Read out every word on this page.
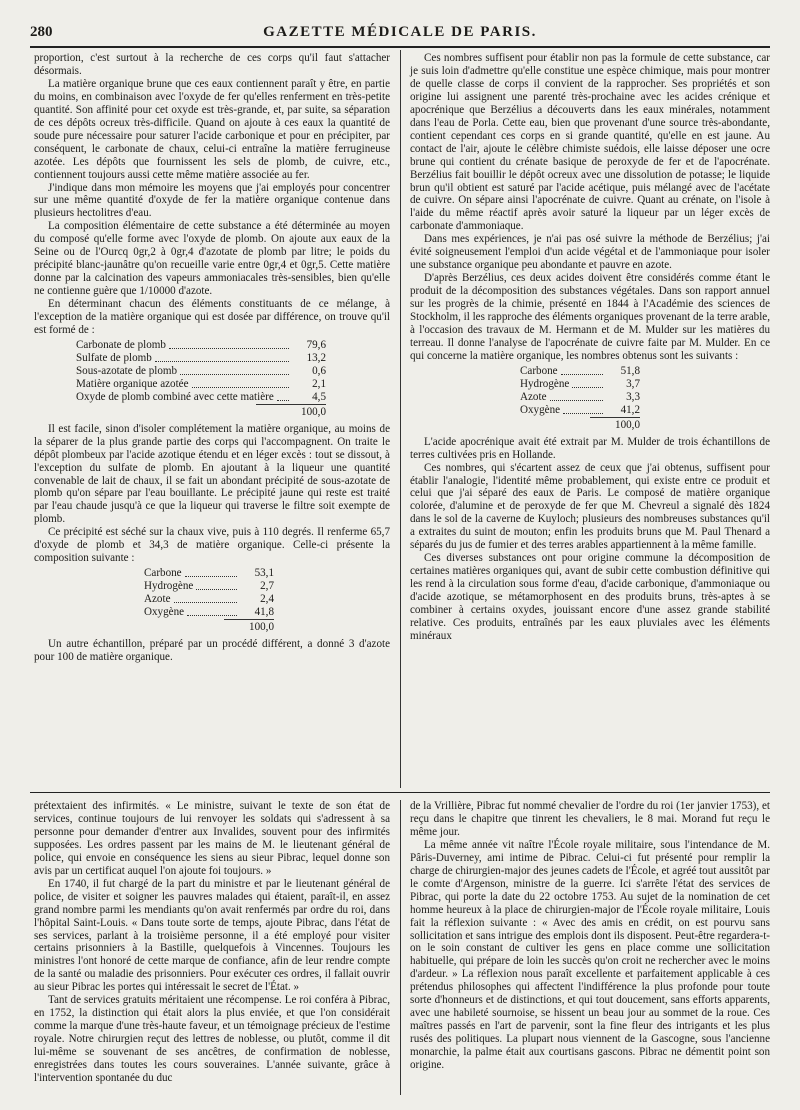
280	GAZETTE MÉDICALE DE PARIS.

proportion, c'est surtout à la recherche de ces corps qu'il faut s'attacher désormais.

La matière organique brune que ces eaux contiennent paraît y être, en partie du moins, en combinaison avec l'oxyde de fer qu'elles renferment en très-petite quantité. Son affinité pour cet oxyde est très-grande, et, par suite, sa séparation de ces dépôts ocreux très-difficile. Quand on ajoute à ces eaux la quantité de soude pure nécessaire pour saturer l'acide carbonique et pour en précipiter, par conséquent, le carbonate de chaux, celui-ci entraîne la matière ferrugineuse azotée. Les dépôts que fournissent les sels de plomb, de cuivre, etc., contiennent toujours aussi cette même matière associée au fer.

J'indique dans mon mémoire les moyens que j'ai employés pour concentrer sur une même quantité d'oxyde de fer la matière organique contenue dans plusieurs hectolitres d'eau.

La composition élémentaire de cette substance a été déterminée au moyen du composé qu'elle forme avec l'oxyde de plomb. On ajoute aux eaux de la Seine ou de l'Ourcq 0gr,2 à 0gr,4 d'azotate de plomb par litre; le poids du précipité blanc-jaunâtre qu'on recueille varie entre 0gr,4 et 0gr,5. Cette matière donne par la calcination des vapeurs ammoniacales très-sensibles, bien qu'elle ne contienne guère que 1/10000 d'azote.

En déterminant chacun des éléments constituants de ce mélange, à l'exception de la matière organique qui est dosée par différence, on trouve qu'il est formé de :

Carbonate de plomb	79,6
Sulfate de plomb	13,2
Sous-azotate de plomb	0,6
Matière organique azotée	2,1
Oxyde de plomb combiné avec cette matière	4,5
100,0

Il est facile, sinon d'isoler complétement la matière organique, au moins de la séparer de la plus grande partie des corps qui l'accompagnent. On traite le dépôt plombeux par l'acide azotique étendu et en léger excès : tout se dissout, à l'exception du sulfate de plomb. En ajoutant à la liqueur une quantité convenable de lait de chaux, il se fait un abondant précipité de sous-azotate de plomb qu'on sépare par l'eau bouillante. Le précipité jaune qui reste est traité par l'eau chaude jusqu'à ce que la liqueur qui traverse le filtre soit exempte de plomb.

Ce précipité est séché sur la chaux vive, puis à 110 degrés. Il renferme 65,7 d'oxyde de plomb et 34,3 de matière organique. Celle-ci présente la composition suivante :

Carbone	53,1
Hydrogène	2,7
Azote	2,4
Oxygène	41,8
100,0

Un autre échantillon, préparé par un procédé différent, a donné 3 d'azote pour 100 de matière organique.

Ces nombres suffisent pour établir non pas la formule de cette substance, car je suis loin d'admettre qu'elle constitue une espèce chimique, mais pour montrer de quelle classe de corps il convient de la rapprocher. Ses propriétés et son origine lui assignent une parenté très-prochaine avec les acides crénique et apocrénique que Berzélius a découverts dans les eaux minérales, notamment dans l'eau de Porla. Cette eau, bien que provenant d'une source très-abondante, contient cependant ces corps en si grande quantité, qu'elle en est jaune. Au contact de l'air, ajoute le célèbre chimiste suédois, elle laisse déposer une ocre brune qui contient du crénate basique de peroxyde de fer et de l'apocrénate. Berzélius fait bouillir le dépôt ocreux avec une dissolution de potasse; le liquide brun qu'il obtient est saturé par l'acide acétique, puis mélangé avec de l'acétate de cuivre. On sépare ainsi l'apocrénate de cuivre. Quant au crénate, on l'isole à l'aide du même réactif après avoir saturé la liqueur par un léger excès de carbonate d'ammoniaque.

Dans mes expériences, je n'ai pas osé suivre la méthode de Berzélius; j'ai évité soigneusement l'emploi d'un acide végétal et de l'ammoniaque pour isoler une substance organique peu abondante et pauvre en azote.

D'après Berzélius, ces deux acides doivent être considérés comme étant le produit de la décomposition des substances végétales. Dans son rapport annuel sur les progrès de la chimie, présenté en 1844 à l'Académie des sciences de Stockholm, il les rapproche des éléments organiques provenant de la terre arable, à l'occasion des travaux de M. Hermann et de M. Mulder sur les matières du terreau. Il donne l'analyse de l'apocrénate de cuivre faite par M. Mulder. En ce qui concerne la matière organique, les nombres obtenus sont les suivants :

Carbone	51,8
Hydrogène	3,7
Azote	3,3
Oxygène	41,2
100,0

L'acide apocrénique avait été extrait par M. Mulder de trois échantillons de terres cultivées pris en Hollande.

Ces nombres, qui s'écartent assez de ceux que j'ai obtenus, suffisent pour établir l'analogie, l'identité même probablement, qui existe entre ce produit et celui que j'ai séparé des eaux de Paris. Le composé de matière organique colorée, d'alumine et de peroxyde de fer que M. Chevreul a signalé dès 1824 dans le sol de la caverne de Kuyloch; plusieurs des nombreuses substances qu'il a extraites du suint de mouton; enfin les produits bruns que M. Paul Thenard a séparés du jus de fumier et des terres arables appartiennent à la même famille.

Ces diverses substances ont pour origine commune la décomposition de certaines matières organiques qui, avant de subir cette combustion définitive qui les rend à la circulation sous forme d'eau, d'acide carbonique, d'ammoniaque ou d'acide azotique, se métamorphosent en des produits bruns, très-aptes à se combiner à certains oxydes, jouissant encore d'une assez grande stabilité relative. Ces produits, entraînés par les eaux pluviales avec les éléments minéraux

prétextaient des infirmités. « Le ministre, suivant le texte de son état de services, continue toujours de lui renvoyer les soldats qui s'adressent à sa personne pour demander d'entrer aux Invalides, souvent pour des infirmités supposées. Les ordres passent par les mains de M. le lieutenant général de police, qui envoie en conséquence les siens au sieur Pibrac, lequel donne son avis par un certificat auquel l'on ajoute foi toujours. »

En 1740, il fut chargé de la part du ministre et par le lieutenant général de police, de visiter et soigner les pauvres malades qui étaient, paraît-il, en assez grand nombre parmi les mendiants qu'on avait renfermés par ordre du roi, dans l'hôpital Saint-Louis. « Dans toute sorte de temps, ajoute Pibrac, dans l'état de ses services, parlant à la troisième personne, il a été employé pour visiter certains prisonniers à la Bastille, quelquefois à Vincennes. Toujours les ministres l'ont honoré de cette marque de confiance, afin de leur rendre compte de la santé ou maladie des prisonniers. Pour exécuter ces ordres, il fallait ouvrir au sieur Pibrac les portes qui intéressait le secret de l'État. »

Tant de services gratuits méritaient une récompense. Le roi conféra à Pibrac, en 1752, la distinction qui était alors la plus enviée, et que l'on considérait comme la marque d'une très-haute faveur, et un témoignage précieux de l'estime royale. Notre chirurgien reçut des lettres de noblesse, ou plutôt, comme il dit lui-même se souvenant de ses ancêtres, de confirmation de noblesse, enregistrées dans toutes les cours souveraines. L'année suivante, grâce à l'intervention spontanée du duc

de la Vrillière, Pibrac fut nommé chevalier de l'ordre du roi (1er janvier 1753), et reçu dans le chapitre que tinrent les chevaliers, le 8 mai. Morand fut reçu le même jour.

La même année vit naître l'École royale militaire, sous l'intendance de M. Pâris-Duverney, ami intime de Pibrac. Celui-ci fut présenté pour remplir la charge de chirurgien-major des jeunes cadets de l'École, et agréé tout aussitôt par le comte d'Argenson, ministre de la guerre. Ici s'arrête l'état des services de Pibrac, qui porte la date du 22 octobre 1753. Au sujet de la nomination de cet homme heureux à la place de chirurgien-major de l'École royale militaire, Louis fait la réflexion suivante : « Avec des amis en crédit, on est pourvu sans sollicitation et sans intrigue des emplois dont ils disposent. Peut-être regardera-t-on le soin constant de cultiver les gens en place comme une sollicitation habituelle, qui prépare de loin les succès qu'on croit ne rechercher avec le moins d'ardeur. » La réflexion nous paraît excellente et parfaitement applicable à ces prétendus philosophes qui affectent l'indifférence la plus profonde pour toute sorte d'honneurs et de distinctions, et qui tout doucement, sans efforts apparents, avec une habileté sournoise, se hissent un beau jour au sommet de la roue. Ces maîtres passés en l'art de parvenir, sont la fine fleur des intrigants et les plus rusés des politiques. La plupart nous viennent de la Gascogne, sous l'ancienne monarchie, la palme était aux courtisans gascons. Pibrac ne démentit point son origine.
